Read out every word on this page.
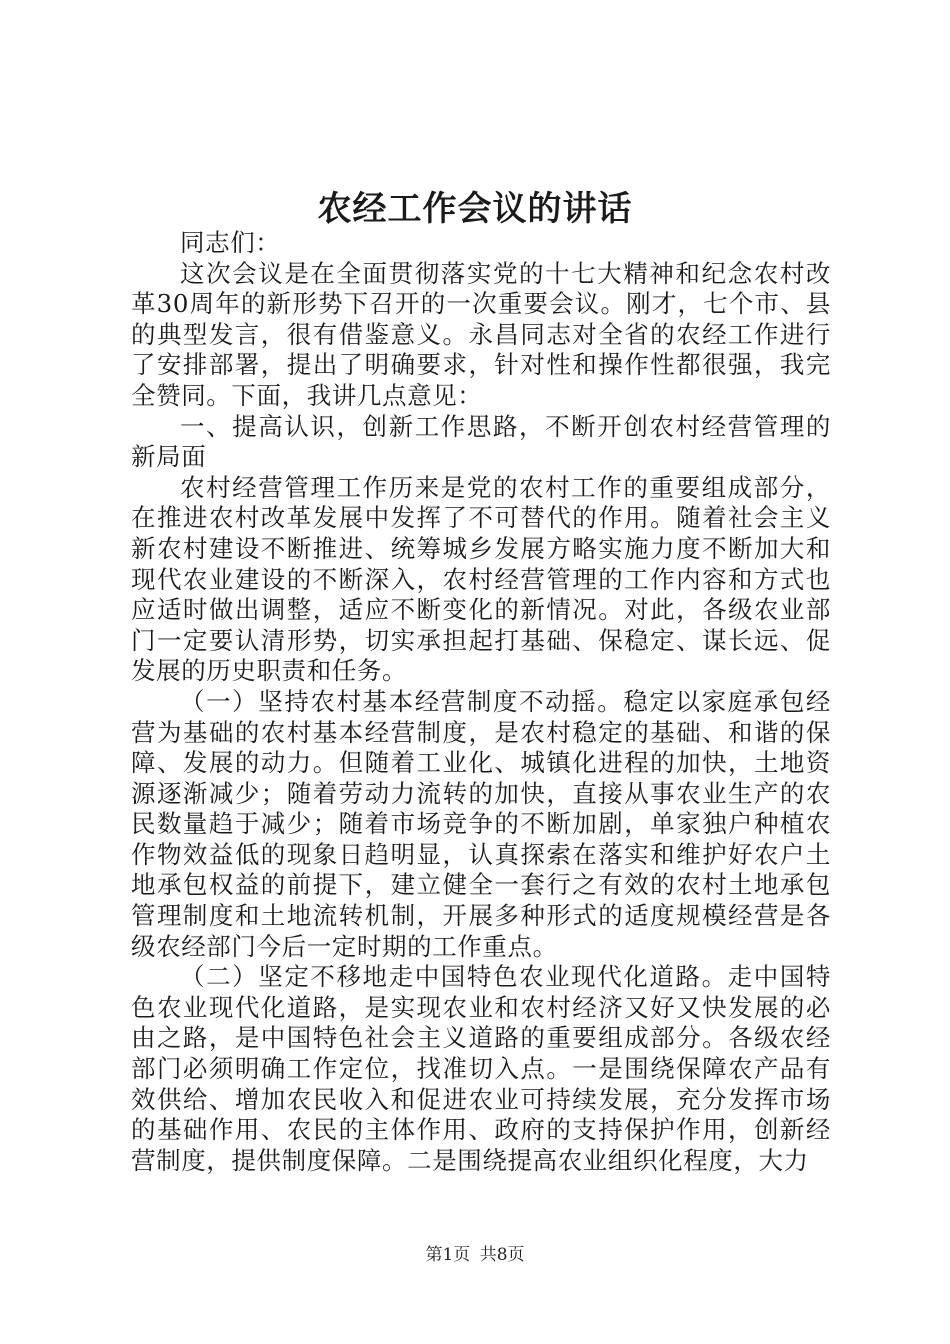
农经工作会议的讲话

同志们：

这次会议是在全面贯彻落实党的十七大精神和纪念农村改革30周年的新形势下召开的一次重要会议。刚才，七个市、县的典型发言，很有借鉴意义。永昌同志对全省的农经工作进行了安排部署，提出了明确要求，针对性和操作性都很强，我完全赞同。下面，我讲几点意见：

一、提高认识，创新工作思路，不断开创农村经营管理的新局面

农村经营管理工作历来是党的农村工作的重要组成部分，在推进农村改革发展中发挥了不可替代的作用。随着社会主义新农村建设不断推进、统筹城乡发展方略实施力度不断加大和现代农业建设的不断深入，农村经营管理的工作内容和方式也应适时做出调整，适应不断变化的新情况。对此，各级农业部门一定要认清形势，切实承担起打基础、保稳定、谋长远、促发展的历史职责和任务。

（一）坚持农村基本经营制度不动摇。稳定以家庭承包经营为基础的农村基本经营制度，是农村稳定的基础、和谐的保障、发展的动力。但随着工业化、城镇化进程的加快，土地资源逐渐减少；随着劳动力流转的加快，直接从事农业生产的农民数量趋于减少；随着市场竞争的不断加剧，单家独户种植农作物效益低的现象日趋明显，认真探索在落实和维护好农户土地承包权益的前提下，建立健全一套行之有效的农村土地承包管理制度和土地流转机制，开展多种形式的适度规模经营是各级农经部门今后一定时期的工作重点。

（二）坚定不移地走中国特色农业现代化道路。走中国特色农业现代化道路，是实现农业和农村经济又好又快发展的必由之路，是中国特色社会主义道路的重要组成部分。各级农经部门必须明确工作定位，找准切入点。一是围绕保障农产品有效供给、增加农民收入和促进农业可持续发展，充分发挥市场的基础作用、农民的主体作用、政府的支持保护作用，创新经营制度，提供制度保障。二是围绕提高农业组织化程度，大力

第1页 共8页
